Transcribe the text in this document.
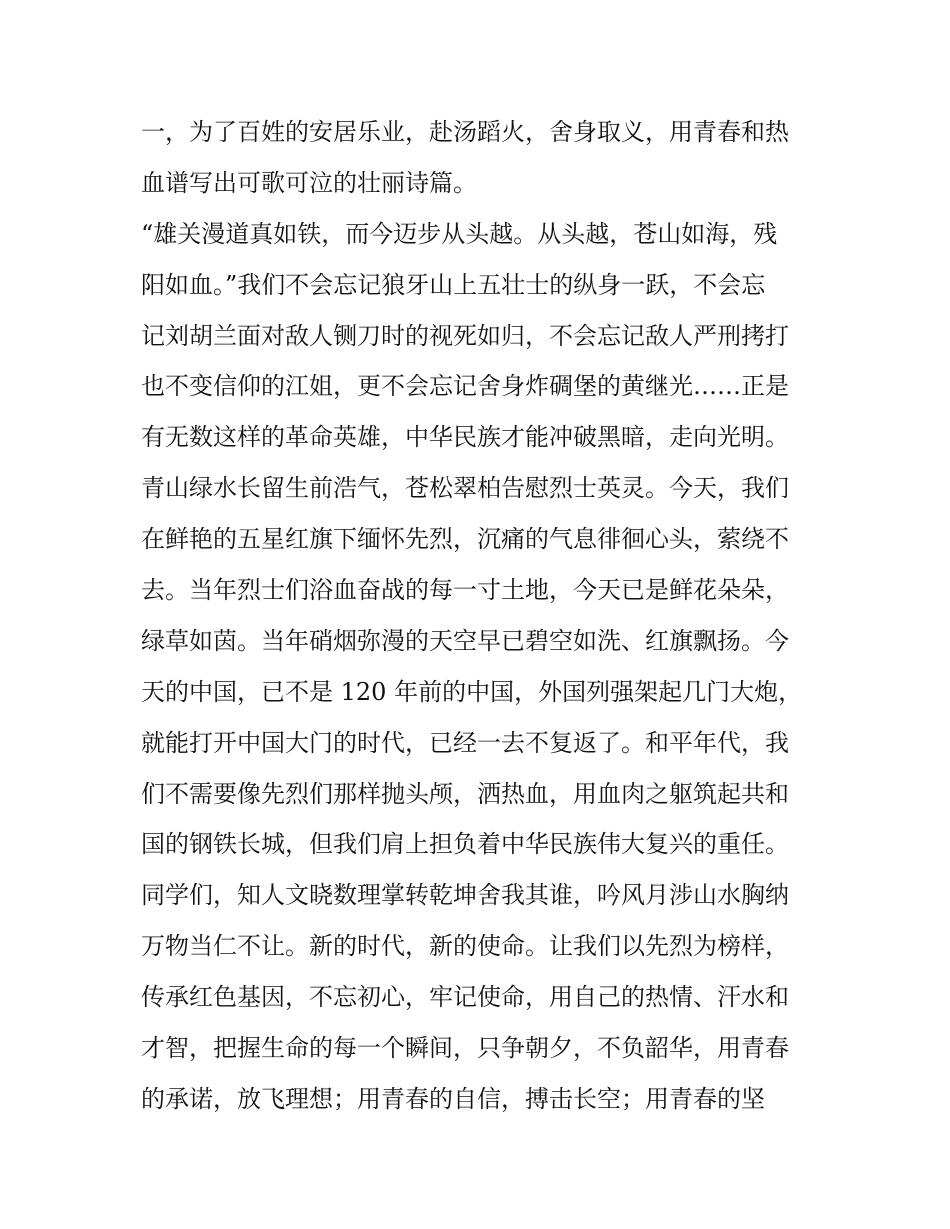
一，为了百姓的安居乐业，赴汤蹈火，舍身取义，用青春和热
血谱写出可歌可泣的壮丽诗篇。
“雄关漫道真如铁，而今迈步从头越。从头越，苍山如海，残
阳如血。”我们不会忘记狼牙山上五壮士的纵身一跃，不会忘
记刘胡兰面对敌人铡刀时的视死如归，不会忘记敌人严刑拷打
也不变信仰的江姐，更不会忘记舍身炸碉堡的黄继光……正是
有无数这样的革命英雄，中华民族才能冲破黑暗，走向光明。
青山绿水长留生前浩气，苍松翠柏告慰烈士英灵。今天，我们
在鲜艳的五星红旗下缅怀先烈，沉痛的气息徘徊心头，萦绕不
去。当年烈士们浴血奋战的每一寸土地，今天已是鲜花朵朵，
绿草如茵。当年硝烟弥漫的天空早已碧空如洗、红旗飘扬。今
天的中国，已不是 120 年前的中国，外国列强架起几门大炮，
就能打开中国大门的时代，已经一去不复返了。和平年代，我
们不需要像先烈们那样抛头颅，洒热血，用血肉之躯筑起共和
国的钢铁长城，但我们肩上担负着中华民族伟大复兴的重任。
同学们，知人文晓数理掌转乾坤舍我其谁，吟风月涉山水胸纳
万物当仁不让。新的时代，新的使命。让我们以先烈为榜样，
传承红色基因，不忘初心，牢记使命，用自己的热情、汗水和
才智，把握生命的每一个瞬间，只争朝夕，不负韶华，用青春
的承诺，放飞理想；用青春的自信，搏击长空；用青春的坚
